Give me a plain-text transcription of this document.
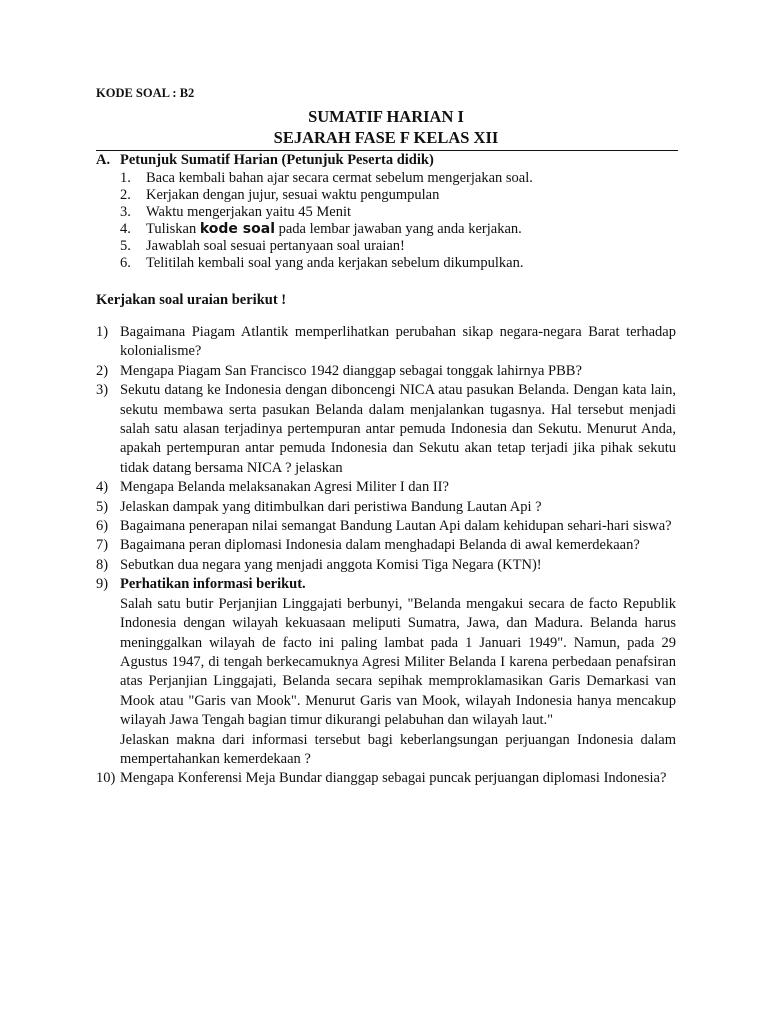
KODE SOAL : B2

SUMATIF HARIAN I

SEJARAH FASE F KELAS XII

A. Petunjuk Sumatif Harian (Petunjuk Peserta didik)
1.	Baca kembali bahan ajar secara cermat sebelum mengerjakan soal.
2.	Kerjakan dengan jujur, sesuai waktu pengumpulan
3.	Waktu mengerjakan yaitu 45 Menit
4.	Tuliskan kode soal pada lembar jawaban yang anda kerjakan.
5.	Jawablah soal sesuai pertanyaan soal uraian!
6.	Telitilah kembali soal yang anda kerjakan sebelum dikumpulkan.

Kerjakan soal uraian berikut !

1) Bagaimana Piagam Atlantik memperlihatkan perubahan sikap negara-negara Barat terhadap kolonialisme?
2) Mengapa Piagam San Francisco 1942 dianggap sebagai tonggak lahirnya PBB?
3) Sekutu datang ke Indonesia dengan diboncengi NICA atau pasukan Belanda. Dengan kata lain, sekutu membawa serta pasukan Belanda dalam menjalankan tugasnya. Hal tersebut menjadi salah satu alasan terjadinya pertempuran antar pemuda Indonesia dan Sekutu. Menurut Anda, apakah pertempuran antar pemuda Indonesia dan Sekutu akan tetap terjadi jika pihak sekutu tidak datang bersama NICA ? jelaskan
4) Mengapa Belanda melaksanakan Agresi Militer I dan II?
5) Jelaskan dampak yang ditimbulkan dari peristiwa Bandung Lautan Api ?
6) Bagaimana penerapan nilai semangat Bandung Lautan Api dalam kehidupan sehari-hari siswa?
7) Bagaimana peran diplomasi Indonesia dalam menghadapi Belanda di awal kemerdekaan?
8) Sebutkan dua negara yang menjadi anggota Komisi Tiga Negara (KTN)!
9) Perhatikan informasi berikut.
Salah satu butir Perjanjian Linggajati berbunyi, "Belanda mengakui secara de facto Republik Indonesia dengan wilayah kekuasaan meliputi Sumatra, Jawa, dan Madura. Belanda harus meninggalkan wilayah de facto ini paling lambat pada 1 Januari 1949". Namun, pada 29 Agustus 1947, di tengah berkecamuknya Agresi Militer Belanda I karena perbedaan penafsiran atas Perjanjian Linggajati, Belanda secara sepihak memproklamasikan Garis Demarkasi van Mook atau "Garis van Mook". Menurut Garis van Mook, wilayah Indonesia hanya mencakup wilayah Jawa Tengah bagian timur dikurangi pelabuhan dan wilayah laut."
Jelaskan makna dari informasi tersebut bagi keberlangsungan perjuangan Indonesia dalam mempertahankan kemerdekaan ?
10) Mengapa Konferensi Meja Bundar dianggap sebagai puncak perjuangan diplomasi Indonesia?
